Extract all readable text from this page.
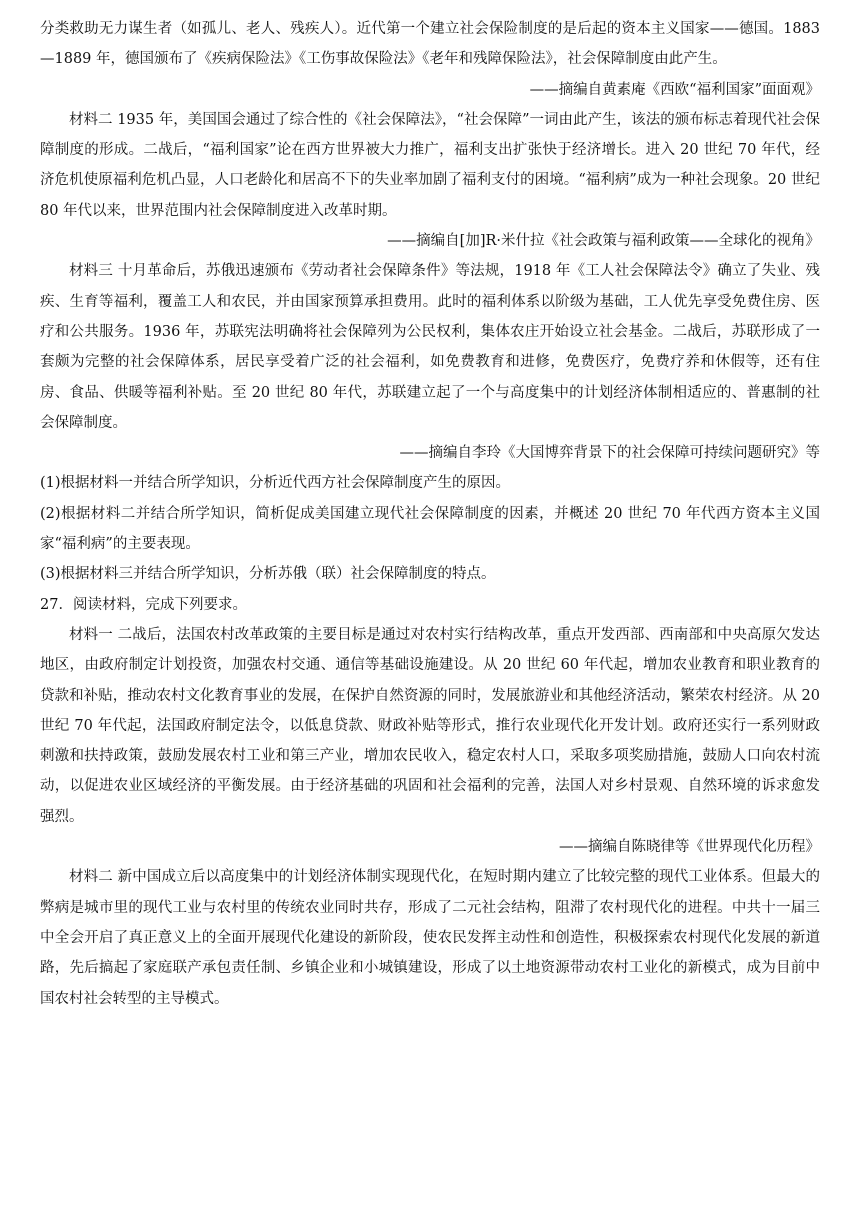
分类救助无力谋生者（如孤儿、老人、残疾人）。近代第一个建立社会保险制度的是后起的资本主义国家——德国。1883—1889 年，德国颁布了《疾病保险法》《工伤事故保险法》《老年和残障保险法》，社会保障制度由此产生。

——摘编自黄素庵《西欧“福利国家”面面观》

材料二 1935 年，美国国会通过了综合性的《社会保障法》，“社会保障”一词由此产生，该法的颁布标志着现代社会保障制度的形成。二战后，“福利国家”论在西方世界被大力推广，福利支出扩张快于经济增长。进入 20 世纪 70 年代，经济危机使原福利危机凸显，人口老龄化和居高不下的失业率加剧了福利支付的困境。“福利病”成为一种社会现象。20 世纪 80 年代以来，世界范围内社会保障制度进入改革时期。

——摘编自[加]R·米什拉《社会政策与福利政策——全球化的视角》

材料三 十月革命后，苏俄迅速颁布《劳动者社会保障条件》等法规，1918 年《工人社会保障法令》确立了失业、残疾、生育等福利，覆盖工人和农民，并由国家预算承担费用。此时的福利体系以阶级为基础，工人优先享受免费住房、医疗和公共服务。1936 年，苏联宪法明确将社会保障列为公民权利，集体农庄开始设立社会基金。二战后，苏联形成了一套颇为完整的社会保障体系，居民享受着广泛的社会福利，如免费教育和进修，免费医疗，免费疗养和休假等，还有住房、食品、供暖等福利补贴。至 20 世纪 80 年代，苏联建立起了一个与高度集中的计划经济体制相适应的、普惠制的社会保障制度。

——摘编自李玲《大国博弈背景下的社会保障可持续问题研究》等

(1)根据材料一并结合所学知识，分析近代西方社会保障制度产生的原因。

(2)根据材料二并结合所学知识，简析促成美国建立现代社会保障制度的因素，并概述 20 世纪 70 年代西方资本主义国家“福利病”的主要表现。

(3)根据材料三并结合所学知识，分析苏俄（联）社会保障制度的特点。

27．阅读材料，完成下列要求。

材料一 二战后，法国农村改革政策的主要目标是通过对农村实行结构改革，重点开发西部、西南部和中央高原欠发达地区，由政府制定计划投资，加强农村交通、通信等基础设施建设。从 20 世纪 60 年代起，增加农业教育和职业教育的贷款和补贴，推动农村文化教育事业的发展，在保护自然资源的同时，发展旅游业和其他经济活动，繁荣农村经济。从 20 世纪 70 年代起，法国政府制定法令，以低息贷款、财政补贴等形式，推行农业现代化开发计划。政府还实行一系列财政刺激和扶持政策，鼓励发展农村工业和第三产业，增加农民收入，稳定农村人口，采取多项奖励措施，鼓励人口向农村流动，以促进农业区域经济的平衡发展。由于经济基础的巩固和社会福利的完善，法国人对乡村景观、自然环境的诉求愈发强烈。

——摘编自陈晓律等《世界现代化历程》

材料二 新中国成立后以高度集中的计划经济体制实现现代化，在短时期内建立了比较完整的现代工业体系。但最大的弊病是城市里的现代工业与农村里的传统农业同时共存，形成了二元社会结构，阻滞了农村现代化的进程。中共十一届三中全会开启了真正意义上的全面开展现代化建设的新阶段，使农民发挥主动性和创造性，积极探索农村现代化发展的新道路，先后搞起了家庭联产承包责任制、乡镇企业和小城镇建设，形成了以土地资源带动农村工业化的新模式，成为目前中国农村社会转型的主导模式。
